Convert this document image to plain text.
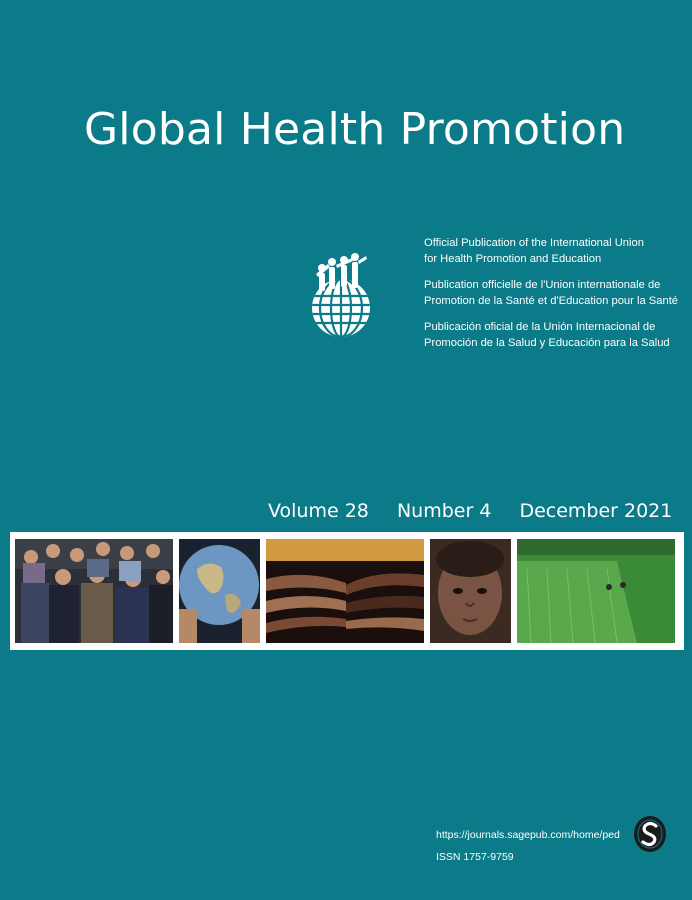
Global Health Promotion
Official Publication of the International Union
for Health Promotion and Education
Publication officielle de l'Union internationale de
Promotion de la Santé et d'Education pour la Santé
Publicación oficial de la Unión Internacional de
Promoción de la Salud y Educación para la Salud
Volume 28 Number 4 December 2021
https://journals.sagepub.com/home/ped
ISSN 1757-9759
